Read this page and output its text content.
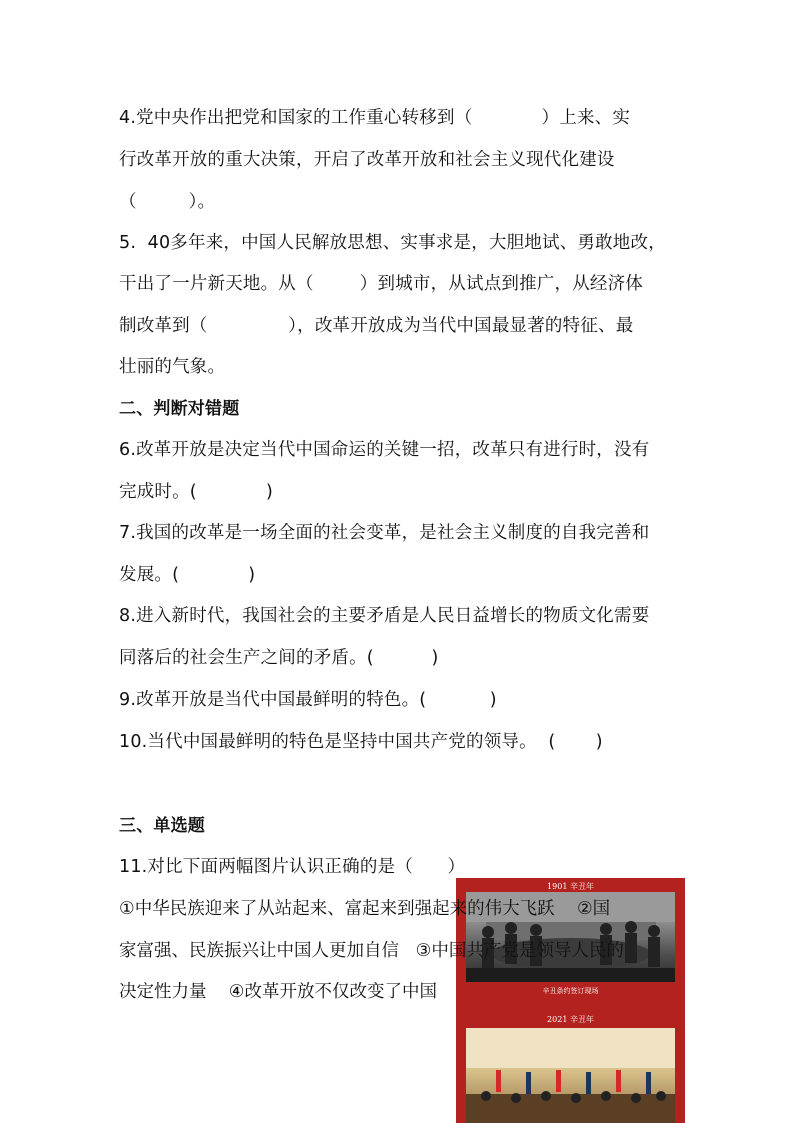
4.党中央作出把党和国家的工作重心转移到（            ）上来、实
行改革开放的重大决策，开启了改革开放和社会主义现代化建设
（         ）。
5.  40多年来，中国人民解放思想、实事求是，大胆地试、勇敢地改，
干出了一片新天地。从（        ）到城市，从试点到推广，从经济体
制改革到（              ），改革开放成为当代中国最显著的特征、最
壮丽的气象。
二、判断对错题
6.改革开放是决定当代中国命运的关键一招，改革只有进行时，没有
完成时。(            )
7.我国的改革是一场全面的社会变革，是社会主义制度的自我完善和
发展。(            )
8.进入新时代，我国社会的主要矛盾是人民日益增长的物质文化需要
同落后的社会生产之间的矛盾。(          )
9.改革开放是当代中国最鲜明的特色。(           )
10.当代中国最鲜明的特色是坚持中国共产党的领导。  (       )
三、单选题
11.对比下面两幅图片认识正确的是（      ）
1901 辛丑年
辛丑条约签订现场
2021 辛丑年
①中华民族迎来了从站起来、富起来到强起来的伟大飞跃    ②国
家富强、民族振兴让中国人更加自信   ③中国共产党是领导人民的
决定性力量    ④改革开放不仅改变了中国
